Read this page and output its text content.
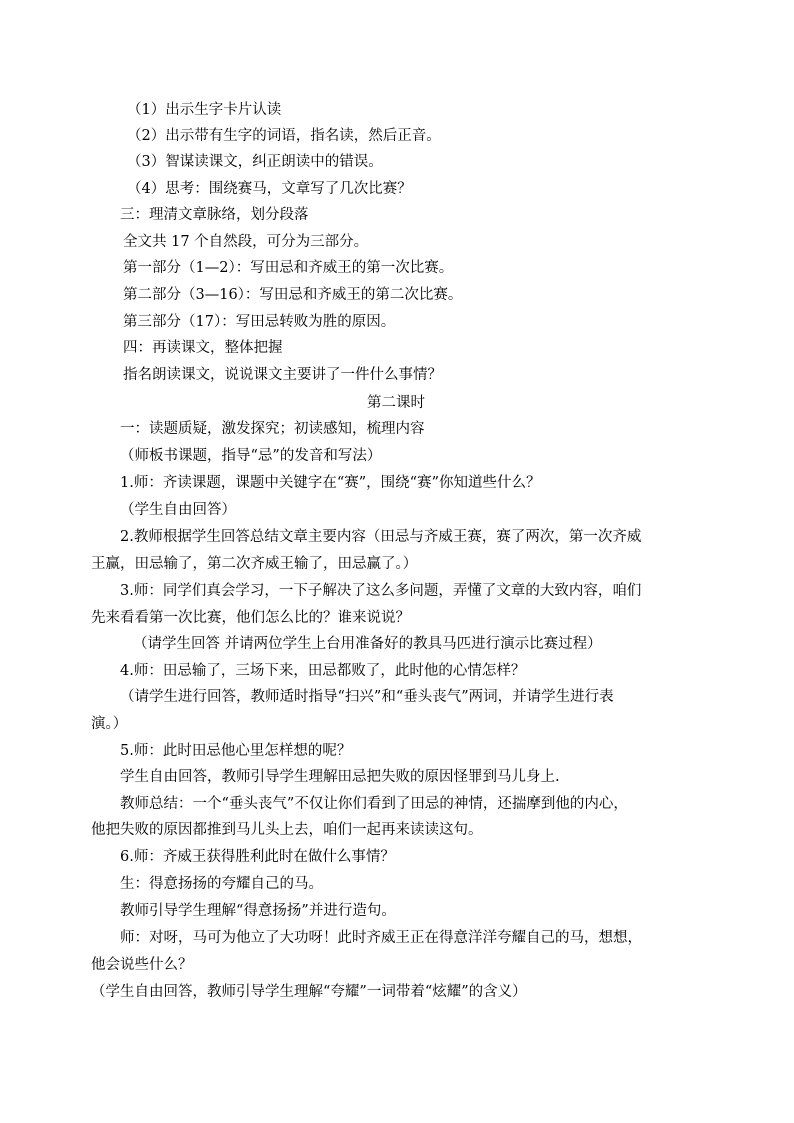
（1）出示生字卡片认读
（2）出示带有生字的词语，指名读，然后正音。
（3）智谋读课文，纠正朗读中的错误。
（4）思考：围绕赛马，文章写了几次比赛？
三：理清文章脉络，划分段落
全文共 17 个自然段，可分为三部分。
第一部分（1—2）：写田忌和齐威王的第一次比赛。
第二部分（3—16）：写田忌和齐威王的第二次比赛。
第三部分（17）：写田忌转败为胜的原因。
四：再读课文，整体把握
指名朗读课文，说说课文主要讲了一件什么事情？
第二课时
一：读题质疑，激发探究；初读感知，梳理内容
（师板书课题，指导“忌”的发音和写法）
1.师：齐读课题，课题中关键字在“赛”，围绕“赛”你知道些什么？
（学生自由回答）
2.教师根据学生回答总结文章主要内容（田忌与齐威王赛，赛了两次，第一次齐威
王赢，田忌输了，第二次齐威王输了，田忌赢了。）
3.师：同学们真会学习，一下子解决了这么多问题，弄懂了文章的大致内容，咱们
先来看看第一次比赛，他们怎么比的？谁来说说？
（请学生回答 并请两位学生上台用准备好的教具马匹进行演示比赛过程）
4.师：田忌输了，三场下来，田忌都败了，此时他的心情怎样？
（请学生进行回答，教师适时指导“扫兴”和“垂头丧气”两词，并请学生进行表
演。）
5.师：此时田忌他心里怎样想的呢？
学生自由回答，教师引导学生理解田忌把失败的原因怪罪到马儿身上.
教师总结：一个“垂头丧气”不仅让你们看到了田忌的神情，还揣摩到他的内心，
他把失败的原因都推到马儿头上去，咱们一起再来读读这句。
6.师：齐威王获得胜利此时在做什么事情？
生：得意扬扬的夸耀自己的马。
教师引导学生理解“得意扬扬”并进行造句。
师：对呀，马可为他立了大功呀！此时齐威王正在得意洋洋夸耀自己的马，想想，
他会说些什么？
（学生自由回答，教师引导学生理解“夸耀”一词带着“炫耀”的含义）
